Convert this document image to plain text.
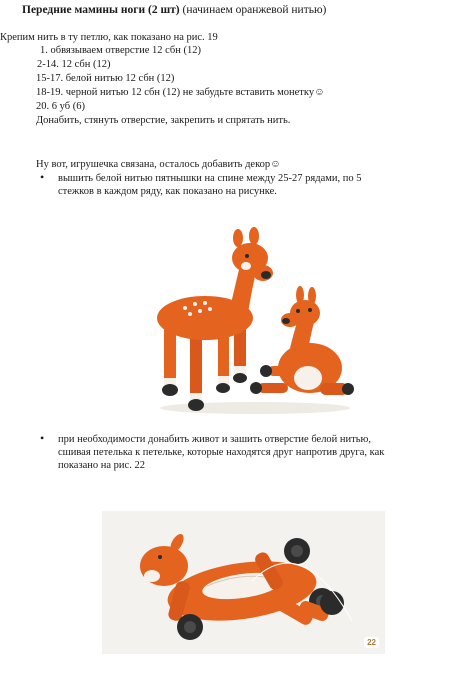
Передние мамины ноги (2 шт) (начинаем оранжевой нитью)
Крепим нить в ту петлю, как показано на рис. 19
1. обвязываем отверстие 12 сбн (12)
2-14. 12 сбн (12)
15-17. белой нитью 12 сбн (12)
18-19. черной нитью 12 сбн (12) не забудьте вставить монетку☺
20. 6 уб (6)
Донабить, стянуть отверстие, закрепить и спрятать нить.
Ну вот, игрушечка связана, осталось добавить декор☺
• вышить белой нитью пятнышки на спине между 25-27 рядами, по 5
стежков в каждом ряду, как показано на рисунке.
• при необходимости донабить живот и зашить отверстие белой нитью,
сшивая петелька к петельке, которые находятся друг напротив друга, как
показано на рис. 22
22
